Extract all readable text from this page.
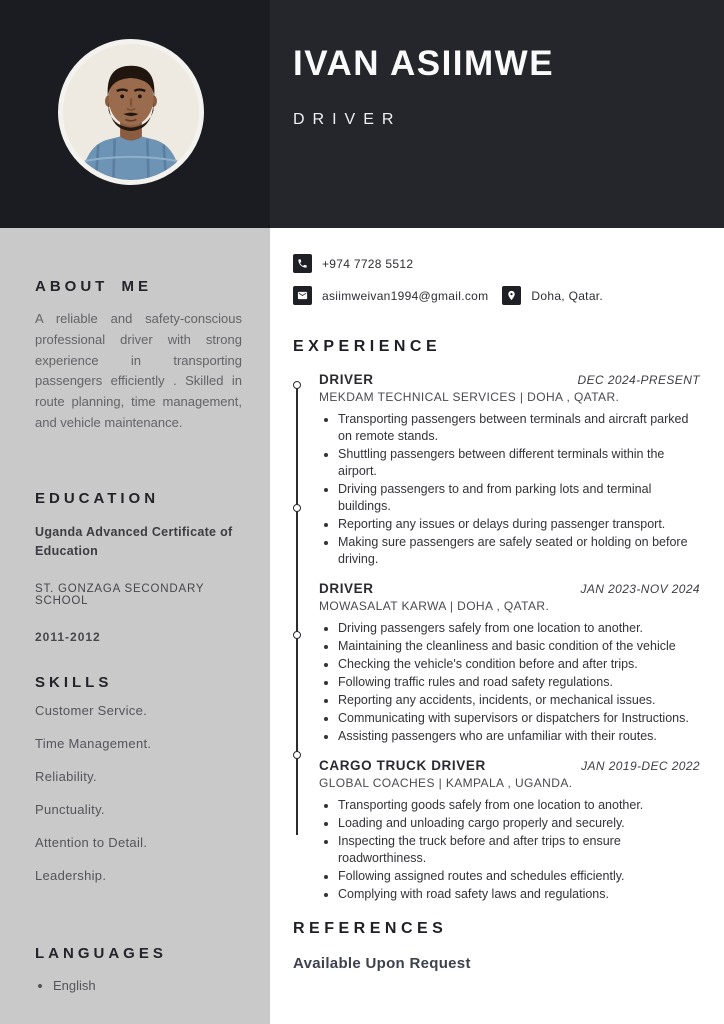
IVAN ASIIMWE
DRIVER
ABOUT ME

A reliable and safety-conscious professional driver with strong experience in transporting passengers efficiently . Skilled in route planning, time management, and vehicle maintenance.

EDUCATION
Uganda Advanced Certificate of Education
ST. GONZAGA SECONDARY SCHOOL
2011-2012
SKILLS
Customer Service.
Time Management.
Reliability.
Punctuality.
Attention to Detail.
Leadership.
LANGUAGES
• English
+974 7728 5512
asiimweivan1994@gmail.com	Doha, Qatar.
EXPERIENCE
DRIVER	DEC 2024-PRESENT
MEKDAM TECHNICAL SERVICES | DOHA , QATAR.
• Transporting passengers between terminals and aircraft parked on remote stands.
• Shuttling passengers between different terminals within the airport.
• Driving passengers to and from parking lots and terminal buildings.
• Reporting any issues or delays during passenger transport.
• Making sure passengers are safely seated or holding on before driving.
DRIVER	JAN 2023-NOV 2024
MOWASALAT KARWA | DOHA , QATAR.
• Driving passengers safely from one location to another.
• Maintaining the cleanliness and basic condition of the vehicle
• Checking the vehicle's condition before and after trips.
• Following traffic rules and road safety regulations.
• Reporting any accidents, incidents, or mechanical issues.
• Communicating with supervisors or dispatchers for Instructions.
• Assisting passengers who are unfamiliar with their routes.
CARGO TRUCK DRIVER	JAN 2019-DEC 2022
GLOBAL COACHES | KAMPALA , UGANDA.
• Transporting goods safely from one location to another.
• Loading and unloading cargo properly and securely.
• Inspecting the truck before and after trips to ensure roadworthiness.
• Following assigned routes and schedules efficiently.
• Complying with road safety laws and regulations.
REFERENCES
Available Upon Request
